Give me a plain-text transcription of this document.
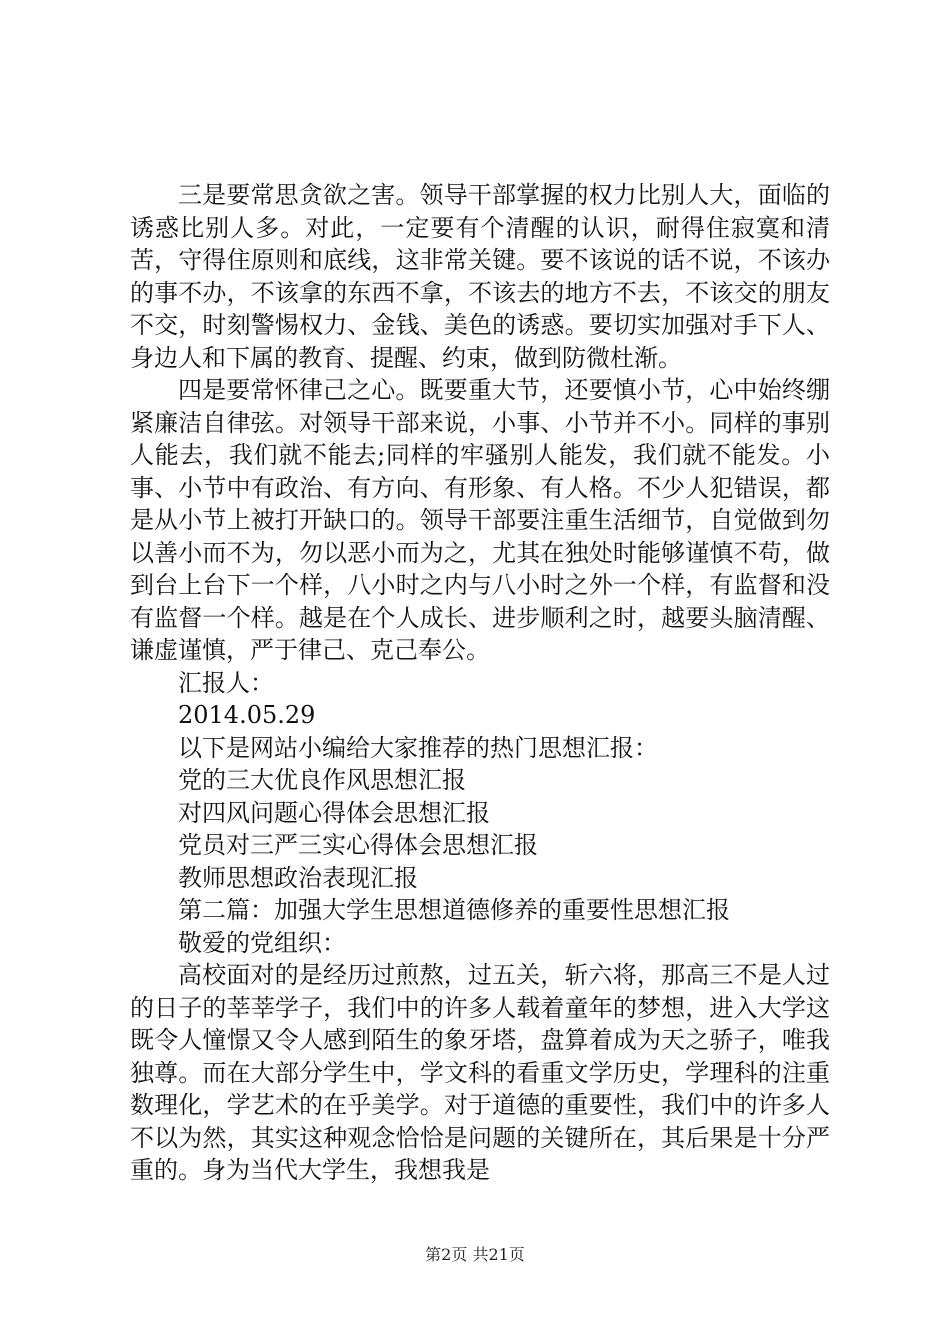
三是要常思贪欲之害。领导干部掌握的权力比别人大，面临的诱惑比别人多。对此，一定要有个清醒的认识，耐得住寂寞和清苦，守得住原则和底线，这非常关键。要不该说的话不说，不该办的事不办，不该拿的东西不拿，不该去的地方不去，不该交的朋友不交，时刻警惕权力、金钱、美色的诱惑。要切实加强对手下人、身边人和下属的教育、提醒、约束，做到防微杜渐。

四是要常怀律己之心。既要重大节，还要慎小节，心中始终绷紧廉洁自律弦。对领导干部来说，小事、小节并不小。同样的事别人能去，我们就不能去;同样的牢骚别人能发，我们就不能发。小事、小节中有政治、有方向、有形象、有人格。不少人犯错误，都是从小节上被打开缺口的。领导干部要注重生活细节，自觉做到勿以善小而不为，勿以恶小而为之，尤其在独处时能够谨慎不苟，做到台上台下一个样，八小时之内与八小时之外一个样，有监督和没有监督一个样。越是在个人成长、进步顺利之时，越要头脑清醒、谦虚谨慎，严于律己、克己奉公。

汇报人：

2014.05.29

以下是网站小编给大家推荐的热门思想汇报：

党的三大优良作风思想汇报

对四风问题心得体会思想汇报

党员对三严三实心得体会思想汇报

教师思想政治表现汇报

第二篇：加强大学生思想道德修养的重要性思想汇报

敬爱的党组织：

高校面对的是经历过煎熬，过五关，斩六将，那高三不是人过的日子的莘莘学子，我们中的许多人载着童年的梦想，进入大学这既令人憧憬又令人感到陌生的象牙塔，盘算着成为天之骄子，唯我独尊。而在大部分学生中，学文科的看重文学历史，学理科的注重数理化，学艺术的在乎美学。对于道德的重要性，我们中的许多人不以为然，其实这种观念恰恰是问题的关键所在，其后果是十分严重的。身为当代大学生，我想我是

第2页 共21页
